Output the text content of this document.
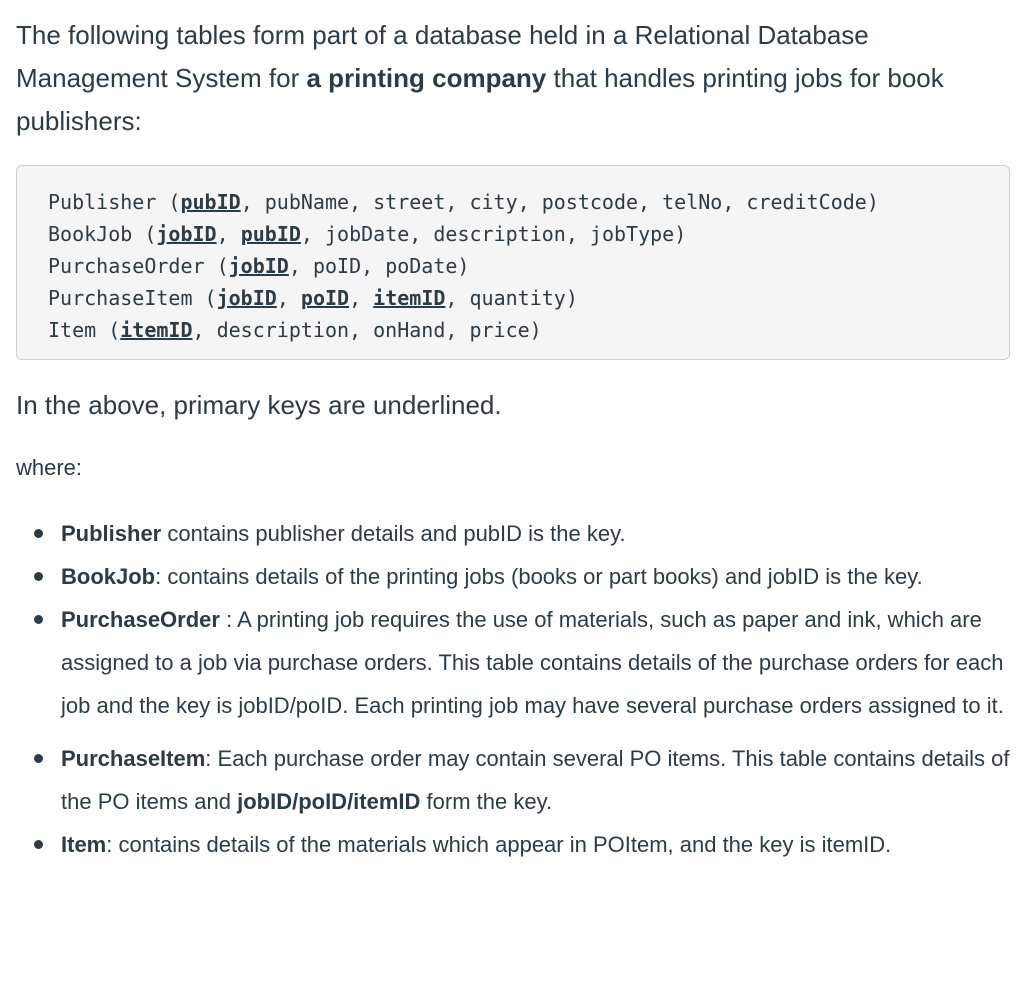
The following tables form part of a database held in a Relational Database Management System for a printing company that handles printing jobs for book publishers:

Publisher (pubID, pubName, street, city, postcode, telNo, creditCode)
BookJob (jobID, pubID, jobDate, description, jobType)
PurchaseOrder (jobID, poID, poDate)
PurchaseItem (jobID, poID, itemID, quantity)
Item (itemID, description, onHand, price)

In the above, primary keys are underlined.

where:

Publisher contains publisher details and pubID is the key.
BookJob: contains details of the printing jobs (books or part books) and jobID is the key.
PurchaseOrder : A printing job requires the use of materials, such as paper and ink, which are assigned to a job via purchase orders. This table contains details of the purchase orders for each job and the key is jobID/poID. Each printing job may have several purchase orders assigned to it.
PurchaseItem: Each purchase order may contain several PO items. This table contains details of the PO items and jobID/poID/itemID form the key.
Item: contains details of the materials which appear in POItem, and the key is itemID.
